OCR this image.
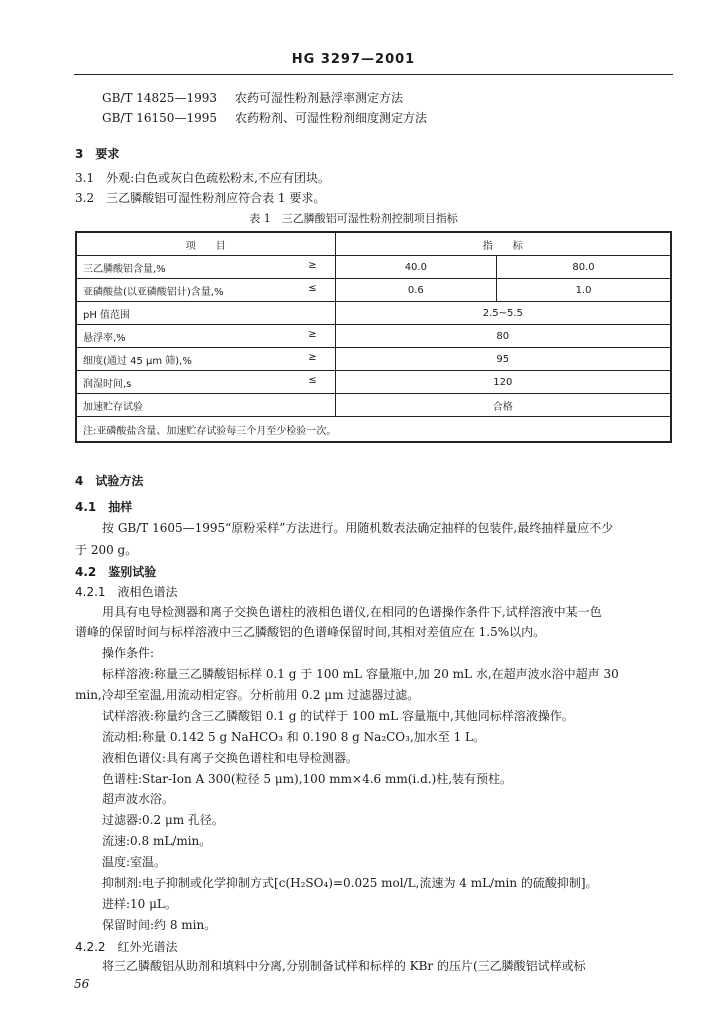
HG 3297—2001
GB/T 14825—1993 农药可湿性粉剂悬浮率测定方法
GB/T 16150—1995 农药粉剂、可湿性粉剂细度测定方法
3　要求
3.1　外观:白色或灰白色疏松粉末,不应有团块。
3.2　三乙膦酸铝可湿性粉剂应符合表 1 要求。
表 1　三乙膦酸铝可湿性粉剂控制项目指标
项　　目	指　　标	
三乙膦酸铝含量,% ≥	40.0	80.0
亚磷酸盐(以亚磷酸铝计)含量,% ≤	0.6	1.0
pH 值范围	2.5~5.5	
悬浮率,% ≥	80	
细度(通过 45 μm 筛),% ≥	95	
润湿时间,s ≤	120	
加速贮存试验	合格	
注:亚磷酸盐含量、加速贮存试验每三个月至少检验一次。		
4　试验方法
4.1　抽样
按 GB/T 1605—1995“原粉采样”方法进行。用随机数表法确定抽样的包装件,最终抽样量应不少
于 200 g。
4.2　鉴别试验
4.2.1　液相色谱法
用具有电导检测器和离子交换色谱柱的液相色谱仪,在相同的色谱操作条件下,试样溶液中某一色
谱峰的保留时间与标样溶液中三乙膦酸铝的色谱峰保留时间,其相对差值应在 1.5%以内。
操作条件:
标样溶液:称量三乙膦酸铝标样 0.1 g 于 100 mL 容量瓶中,加 20 mL 水,在超声波水浴中超声 30
min,冷却至室温,用流动相定容。分析前用 0.2 μm 过滤器过滤。
试样溶液:称量约含三乙膦酸铝 0.1 g 的试样于 100 mL 容量瓶中,其他同标样溶液操作。
流动相:称量 0.142 5 g NaHCO₃ 和 0.190 8 g Na₂CO₃,加水至 1 L。
液相色谱仪:具有离子交换色谱柱和电导检测器。
色谱柱:Star-Ion A 300(粒径 5 μm),100 mm×4.6 mm(i.d.)柱,装有预柱。
超声波水浴。
过滤器:0.2 μm 孔径。
流速:0.8 mL/min。
温度:室温。
抑制剂:电子抑制或化学抑制方式[c(H₂SO₄)=0.025 mol/L,流速为 4 mL/min 的硫酸抑制]。
进样:10 μL。
保留时间:约 8 min。
4.2.2　红外光谱法
将三乙膦酸铝从助剂和填料中分离,分别制备试样和标样的 KBr 的压片(三乙膦酸铝试样或标
56
